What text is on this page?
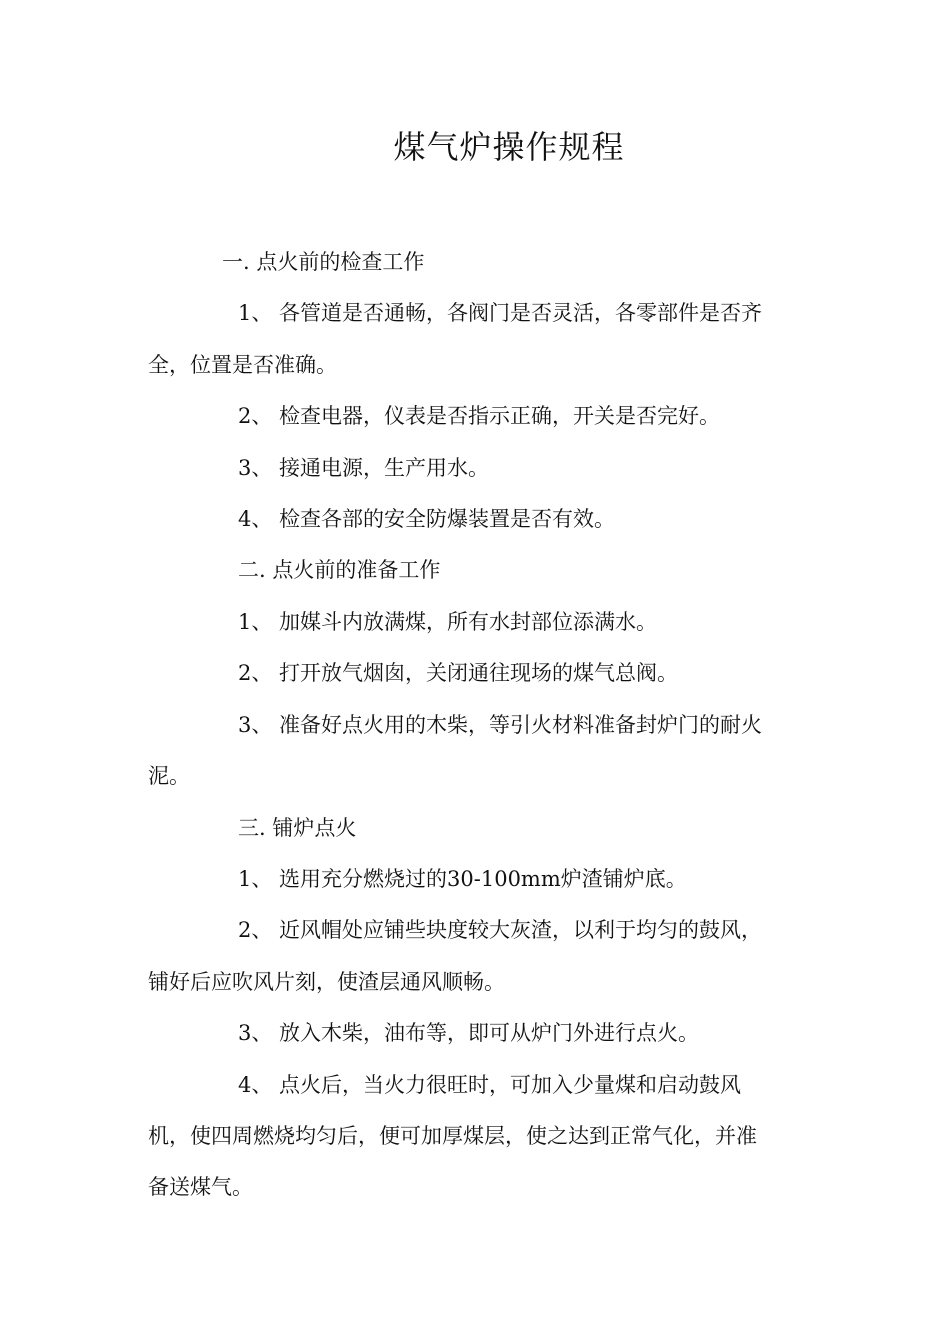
煤气炉操作规程

一. 点火前的检查工作

1、 各管道是否通畅，各阀门是否灵活，各零部件是否齐

全，位置是否准确。

2、 检查电器，仪表是否指示正确，开关是否完好。

3、 接通电源，生产用水。

4、 检查各部的安全防爆装置是否有效。

二. 点火前的准备工作

1、 加媒斗内放满煤，所有水封部位添满水。

2、 打开放气烟囱，关闭通往现场的煤气总阀。

3、 准备好点火用的木柴，等引火材料准备封炉门的耐火

泥。

三. 铺炉点火

1、 选用充分燃烧过的30-100mm炉渣铺炉底。

2、 近风帽处应铺些块度较大灰渣，以利于均匀的鼓风，

铺好后应吹风片刻，使渣层通风顺畅。

3、 放入木柴，油布等，即可从炉门外进行点火。

4、 点火后，当火力很旺时，可加入少量煤和启动鼓风

机，使四周燃烧均匀后，便可加厚煤层，使之达到正常气化，并准

备送煤气。
